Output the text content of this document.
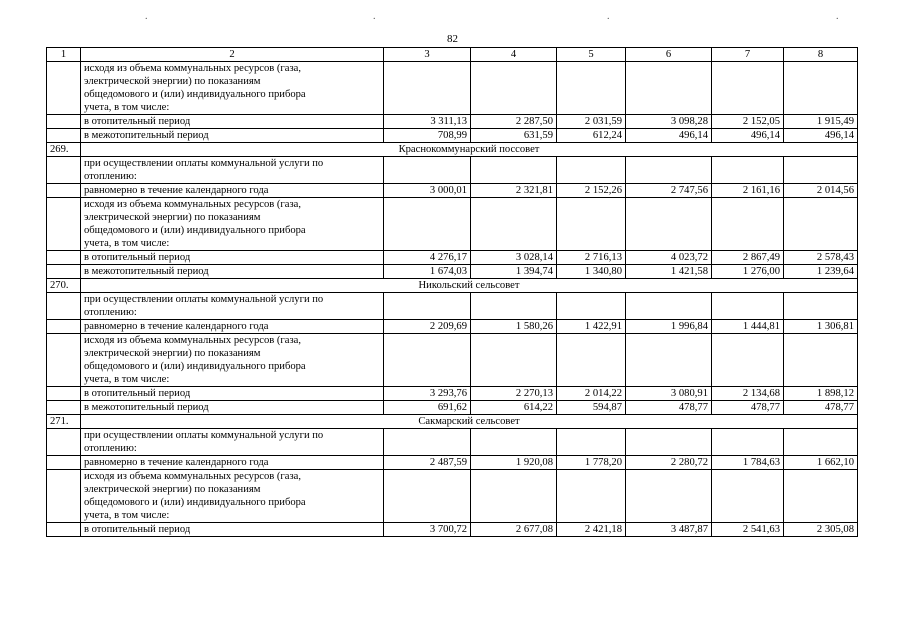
.	.	.	.
82
1	2	3	4	5	6	7	8

	исходя из объема коммунальных ресурсов (газа,
электрической энергии) по показаниям
общедомового и (или) индивидуального прибора
учета, в том числе:						

	в отопительный период	3 311,13	2 287,50	2 031,59	3 098,28	2 152,05	1 915,49
	в межотопительный период	708,99	631,59	612,24	496,14	496,14	496,14
269.	Краснокоммунарский поссовет						

	при осуществлении оплаты коммунальной услуги по
отоплению:						

	равномерно в течение календарного года	3 000,01	2 321,81	2 152,26	2 747,56	2 161,16	2 014,56

	исходя из объема коммунальных ресурсов (газа,
электрической энергии) по показаниям
общедомового и (или) индивидуального прибора
учета, в том числе:						

	в отопительный период	4 276,17	3 028,14	2 716,13	4 023,72	2 867,49	2 578,43
	в межотопительный период	1 674,03	1 394,74	1 340,80	1 421,58	1 276,00	1 239,64
270.	Никольский сельсовет						

	при осуществлении оплаты коммунальной услуги по
отоплению:						

	равномерно в течение календарного года	2 209,69	1 580,26	1 422,91	1 996,84	1 444,81	1 306,81

	исходя из объема коммунальных ресурсов (газа,
электрической энергии) по показаниям
общедомового и (или) индивидуального прибора
учета, в том числе:						

	в отопительный период	3 293,76	2 270,13	2 014,22	3 080,91	2 134,68	1 898,12
	в межотопительный период	691,62	614,22	594,87	478,77	478,77	478,77
271.	Сакмарский сельсовет						

	при осуществлении оплаты коммунальной услуги по
отоплению:						

	равномерно в течение календарного года	2 487,59	1 920,08	1 778,20	2 280,72	1 784,63	1 662,10

	исходя из объема коммунальных ресурсов (газа,
электрической энергии) по показаниям
общедомового и (или) индивидуального прибора
учета, в том числе:						

	в отопительный период	3 700,72	2 677,08	2 421,18	3 487,87	2 541,63	2 305,08
